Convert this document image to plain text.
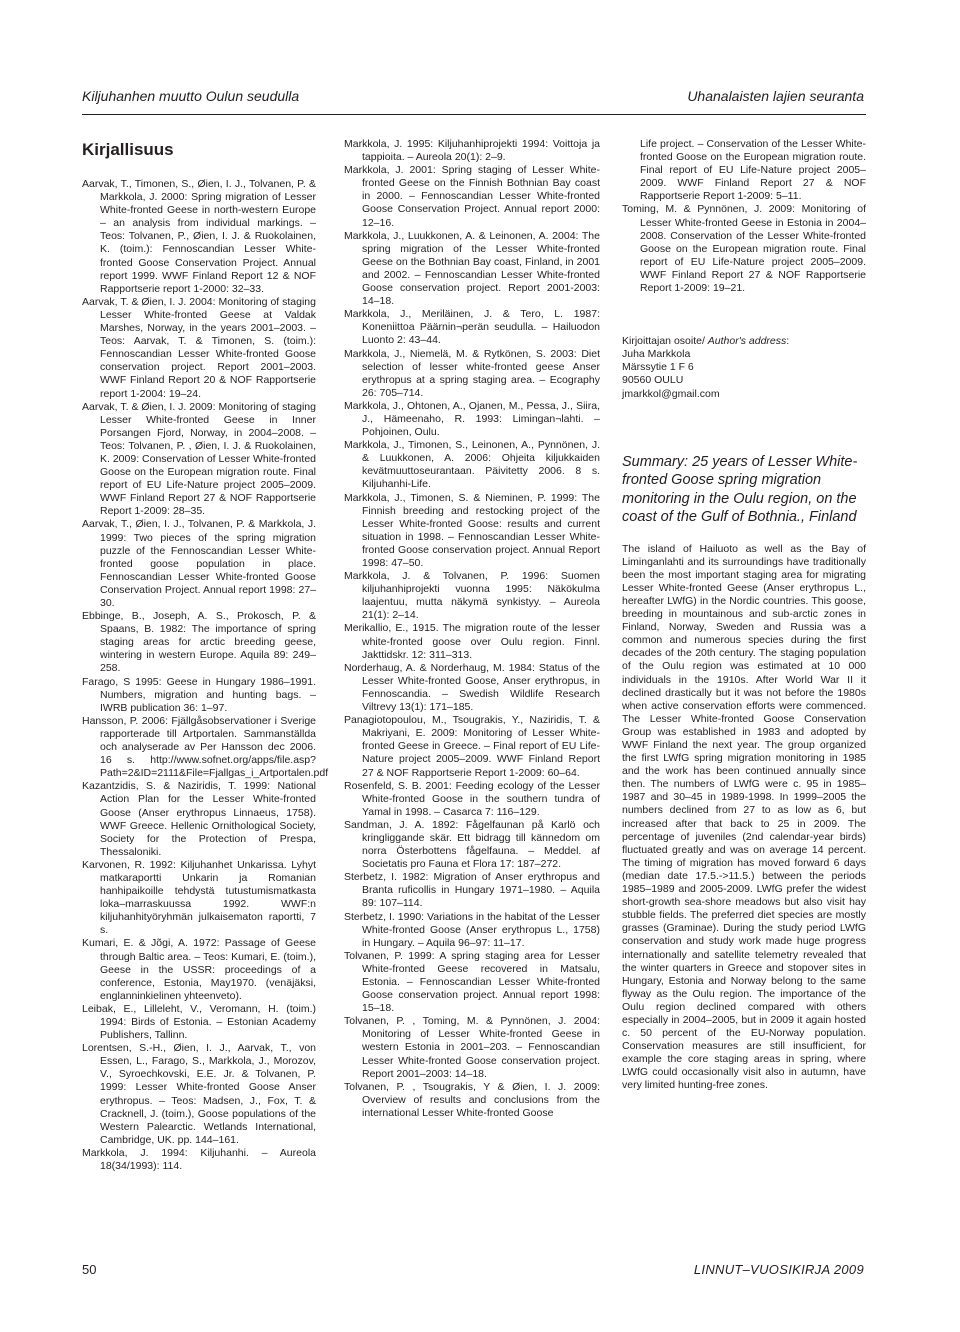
Kiljuhanhen muutto Oulun seudulla	Uhanalaisten lajien seuranta
Kirjallisuus

Aarvak, T., Timonen, S., Øien, I. J., Tolvanen, P. & Markkola, J. 2000: Spring migration of Lesser White-fronted Geese in north-western Europe – an analysis from individual markings. – Teos: Tolvanen, P., Øien, I. J. & Ruokolainen, K. (toim.): Fennoscandian Lesser White-fronted Goose Conservation Project. Annual report 1999. WWF Finland Report 12 & NOF Rapportserie report 1-2000: 32–33.

Aarvak, T. & Øien, I. J. 2004: Monitoring of staging Lesser White-fronted Geese at Valdak Marshes, Norway, in the years 2001–2003. – Teos: Aarvak, T. & Timonen, S. (toim.): Fennoscandian Lesser White-fronted Goose conservation project. Report 2001–2003. WWF Finland Report 20 & NOF Rapportserie report 1-2004: 19–24.

Aarvak, T. & Øien, I. J. 2009: Monitoring of staging Lesser White-fronted Geese in Inner Porsangen Fjord, Norway, in 2004–2008. – Teos: Tolvanen, P. , Øien, I. J. & Ruokolainen, K. 2009: Conservation of Lesser White-fronted Goose on the European migration route. Final report of EU Life-Nature project 2005–2009. WWF Finland Report 27 & NOF Rapportserie Report 1-2009: 28–35.

Aarvak, T., Øien, I. J., Tolvanen, P. & Markkola, J. 1999: Two pieces of the spring migration puzzle of the Fennoscandian Lesser White-fronted goose population in place. Fennoscandian Lesser White-fronted Goose Conservation Project. Annual report 1998: 27–30.

Ebbinge, B., Joseph, A. S., Prokosch, P. & Spaans, B. 1982: The importance of spring staging areas for arctic breeding geese, wintering in western Europe. Aquila 89: 249–258.

Farago, S 1995: Geese in Hungary 1986–1991. Numbers, migration and hunting bags. – IWRB publication 36: 1–97.

Hansson, P. 2006: Fjällgåsobservationer i Sverige rapporterade till Artportalen. Sammanställda och analyserade av Per Hansson dec 2006. 16 s. http://www.sofnet.org/apps/file.asp?Path=2&ID=2111&File=Fjallgas_i_Artportalen.pdf

Kazantzidis, S. & Naziridis, T. 1999: National Action Plan for the Lesser White-fronted Goose (Anser erythropus Linnaeus, 1758). WWF Greece. Hellenic Ornithological Society, Society for the Protection of Prespa, Thessaloniki.

Karvonen, R. 1992: Kiljuhanhet Unkarissa. Lyhyt matkaraportti Unkarin ja Romanian hanhipaikoille tehdystä tutustumismatkasta loka–marraskuussa 1992. WWF:n kiljuhanhityöryhmän julkaisematon raportti, 7 s.

Kumari, E. & Jõgi, A. 1972: Passage of Geese through Baltic area. – Teos: Kumari, E. (toim.), Geese in the USSR: proceedings of a conference, Estonia, May1970. (venäjäksi, englanninkielinen yhteenveto).

Leibak, E., Lilleleht, V., Veromann, H. (toim.) 1994: Birds of Estonia. – Estonian Academy Publishers, Tallinn.

Lorentsen, S.-H., Øien, I. J., Aarvak, T., von Essen, L., Farago, S., Markkola, J., Morozov, V., Syroechkovski, E.E. Jr. & Tolvanen, P. 1999: Lesser White-fronted Goose Anser erythropus. – Teos: Madsen, J., Fox, T. & Cracknell, J. (toim.), Goose populations of the Western Palearctic. Wetlands International, Cambridge, UK. pp. 144–161.

Markkola, J. 1994: Kiljuhanhi. – Aureola 18(34/1993): 114.

Markkola, J. 1995: Kiljuhanhiprojekti 1994: Voittoja ja tappioita. – Aureola 20(1): 2–9.

Markkola, J. 2001: Spring staging of Lesser White-fronted Geese on the Finnish Bothnian Bay coast in 2000. – Fennoscandian Lesser White-fronted Goose Conservation Project. Annual report 2000: 12–16.

Markkola, J., Luukkonen, A. & Leinonen, A. 2004: The spring migration of the Lesser White-fronted Geese on the Bothnian Bay coast, Finland, in 2001 and 2002. – Fennoscandian Lesser White-fronted Goose conservation project. Report 2001-2003: 14–18.

Markkola, J., Meriläinen, J. & Tero, L. 1987: Koneniittoa Päärnin¬perän seudulla. – Hailuodon Luonto 2: 43–44.

Markkola, J., Niemelä, M. & Rytkönen, S. 2003: Diet selection of lesser white-fronted geese Anser erythropus at a spring staging area. – Ecography 26: 705–714.

Markkola, J., Ohtonen, A., Ojanen, M., Pessa, J., Siira, J., Hämeenaho, R. 1993: Limingan¬lahti. – Pohjoinen, Oulu.

Markkola, J., Timonen, S., Leinonen, A., Pynnönen, J. & Luukkonen, A. 2006: Ohjeita kiljukkaiden kevätmuuttoseurantaan. Päivitetty 2006. 8 s. Kiljuhanhi-Life.

Markkola, J., Timonen, S. & Nieminen, P. 1999: The Finnish breeding and restocking project of the Lesser White-fronted Goose: results and current situation in 1998. – Fennoscandian Lesser White-fronted Goose conservation project. Annual Report 1998: 47–50.

Markkola, J. & Tolvanen, P. 1996: Suomen kiljuhanhiprojekti vuonna 1995: Näkökulma laajentuu, mutta näkymä synkistyy. – Aureola 21(1): 2–14.

Merikallio, E., 1915. The migration route of the lesser white-fronted goose over Oulu region. Finnl. Jakttidskr. 12: 311–313.

Norderhaug, A. & Norderhaug, M. 1984: Status of the Lesser White-fronted Goose, Anser erythropus, in Fennoscandia. – Swedish Wildlife Research Viltrevy 13(1): 171–185.

Panagiotopoulou, M., Tsougrakis, Y., Naziridis, T. & Makriyani, E. 2009: Monitoring of Lesser White-fronted Geese in Greece. – Final report of EU Life-Nature project 2005–2009. WWF Finland Report 27 & NOF Rapportserie Report 1-2009: 60–64.

Rosenfeld, S. B. 2001: Feeding ecology of the Lesser White-fronted Goose in the southern tundra of Yamal in 1998. – Casarca 7: 116–129.

Sandman, J. A. 1892: Fågelfaunan på Karlö och kringliggande skär. Ett bidragg till kännedom om norra Österbottens fågelfauna. – Meddel. af Societatis pro Fauna et Flora 17: 187–272.

Sterbetz, I. 1982: Migration of Anser erythropus and Branta ruficollis in Hungary 1971–1980. – Aquila 89: 107–114.

Sterbetz, I. 1990: Variations in the habitat of the Lesser White-fronted Goose (Anser erythropus L., 1758) in Hungary. – Aquila 96–97: 11–17.

Tolvanen, P. 1999: A spring staging area for Lesser White-fronted Geese recovered in Matsalu, Estonia. – Fennoscandian Lesser White-fronted Goose conservation project. Annual report 1998: 15–18.

Tolvanen, P. , Toming, M. & Pynnönen, J. 2004: Monitoring of Lesser White-fronted Geese in western Estonia in 2001–203. – Fennoscandian Lesser White-fronted Goose conservation project. Report 2001–2003: 14–18.

Tolvanen, P. , Tsougrakis, Y & Øien, I. J. 2009: Overview of results and conclusions from the international Lesser White-fronted Goose

Life project. – Conservation of the Lesser White-fronted Goose on the European migration route. Final report of EU Life-Nature project 2005–2009. WWF Finland Report 27 & NOF Rapportserie Report 1-2009: 5–11.

Toming, M. & Pynnönen, J. 2009: Monitoring of Lesser White-fronted Geese in Estonia in 2004–2008. Conservation of the Lesser White-fronted Goose on the European migration route. Final report of EU Life-Nature project 2005–2009. WWF Finland Report 27 & NOF Rapportserie Report 1-2009: 19–21.

Kirjoittajan osoite/ Author's address:
Juha Markkola
Märssytie 1 F 6
90560 OULU
jmarkkol@gmail.com
Summary: 25 years of Lesser White-fronted Goose spring migration monitoring in the Oulu region, on the coast of the Gulf of Bothnia., Finland
The island of Hailuoto as well as the Bay of Liminganlahti and its surroundings have traditionally been the most important staging area for migrating Lesser White-fronted Geese (Anser erythropus L., hereafter LWfG) in the Nordic countries. This goose, breeding in mountainous and sub-arctic zones in Finland, Norway, Sweden and Russia was a common and numerous species during the first decades of the 20th century. The staging population of the Oulu region was estimated at 10 000 individuals in the 1910s. After World War II it declined drastically but it was not before the 1980s when active conservation efforts were commenced. The Lesser White-fronted Goose Conservation Group was established in 1983 and adopted by WWF Finland the next year. The group organized the first LWfG spring migration monitoring in 1985 and the work has been continued annually since then. The numbers of LWfG were c. 95 in 1985–1987 and 30–45 in 1989-1998. In 1999–2005 the numbers declined from 27 to as low as 6, but increased after that back to 25 in 2009. The percentage of juveniles (2nd calendar-year birds) fluctuated greatly and was on average 14 percent. The timing of migration has moved forward 6 days (median date 17.5.->11.5.) between the periods 1985–1989 and 2005-2009. LWfG prefer the widest short-growth sea-shore meadows but also visit hay stubble fields. The preferred diet species are mostly grasses (Graminae). During the study period LWfG conservation and study work made huge progress internationally and satellite telemetry revealed that the winter quarters in Greece and stopover sites in Hungary, Estonia and Norway belong to the same flyway as the Oulu region. The importance of the Oulu region declined compared with others especially in 2004–2005, but in 2009 it again hosted c. 50 percent of the EU-Norway population. Conservation measures are still insufficient, for example the core staging areas in spring, where LWfG could occasionally visit also in autumn, have very limited hunting-free zones.
50	LINNUT–VUOSIKIRJA 2009
